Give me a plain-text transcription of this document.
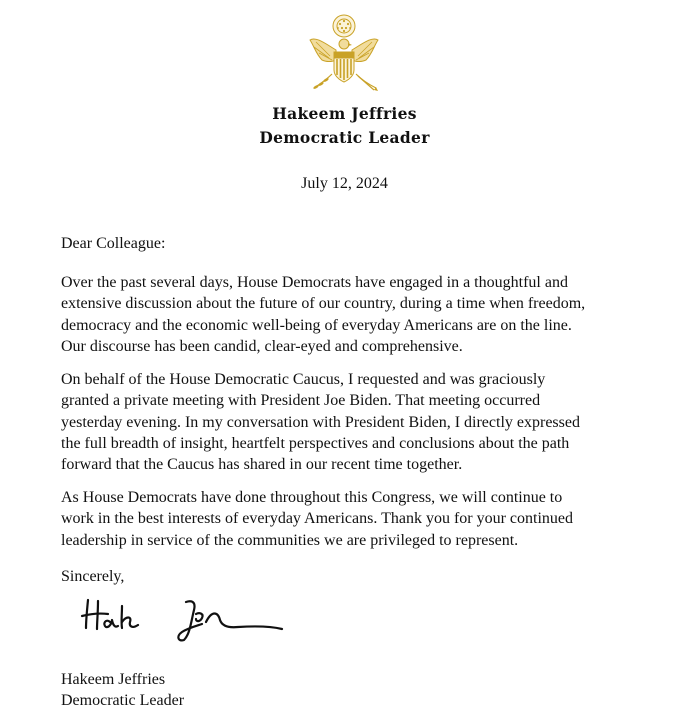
Hakeem Jeffries
Democratic Leader
July 12, 2024

Dear Colleague:

Over the past several days, House Democrats have engaged in a thoughtful and
extensive discussion about the future of our country, during a time when freedom,
democracy and the economic well-being of everyday Americans are on the line.
Our discourse has been candid, clear-eyed and comprehensive.

On behalf of the House Democratic Caucus, I requested and was graciously
granted a private meeting with President Joe Biden. That meeting occurred
yesterday evening. In my conversation with President Biden, I directly expressed
the full breadth of insight, heartfelt perspectives and conclusions about the path
forward that the Caucus has shared in our recent time together.

As House Democrats have done throughout this Congress, we will continue to
work in the best interests of everyday Americans. Thank you for your continued
leadership in service of the communities we are privileged to represent.

Sincerely,

Hakeem Jeffries

Democratic Leader
